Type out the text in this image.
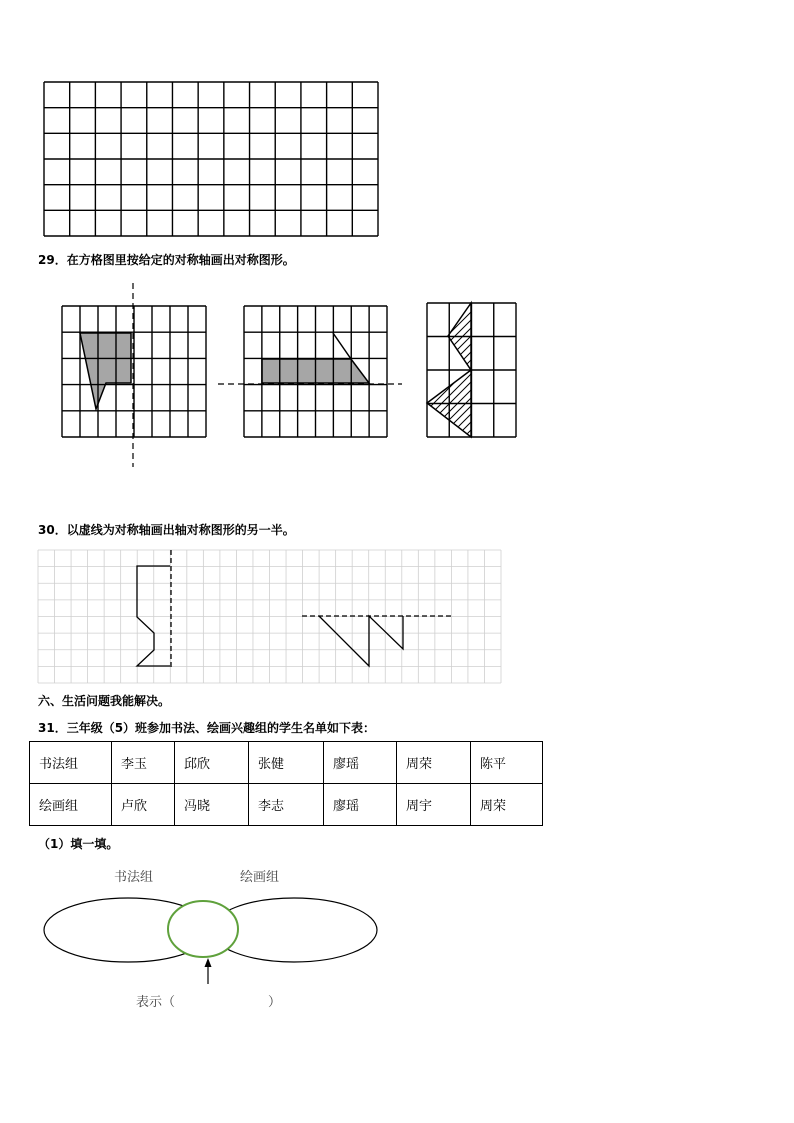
29．在方格图里按给定的对称轴画出对称图形。
30．以虚线为对称轴画出轴对称图形的另一半。
六、生活问题我能解决。
31．三年级（5）班参加书法、绘画兴趣组的学生名单如下表：
（1）填一填。
书法组	李玉	邱欣	张健	廖瑶	周荣	陈平
绘画组	卢欣	冯晓	李志	廖瑶	周宇	周荣
书法组	绘画组
表示（	）
